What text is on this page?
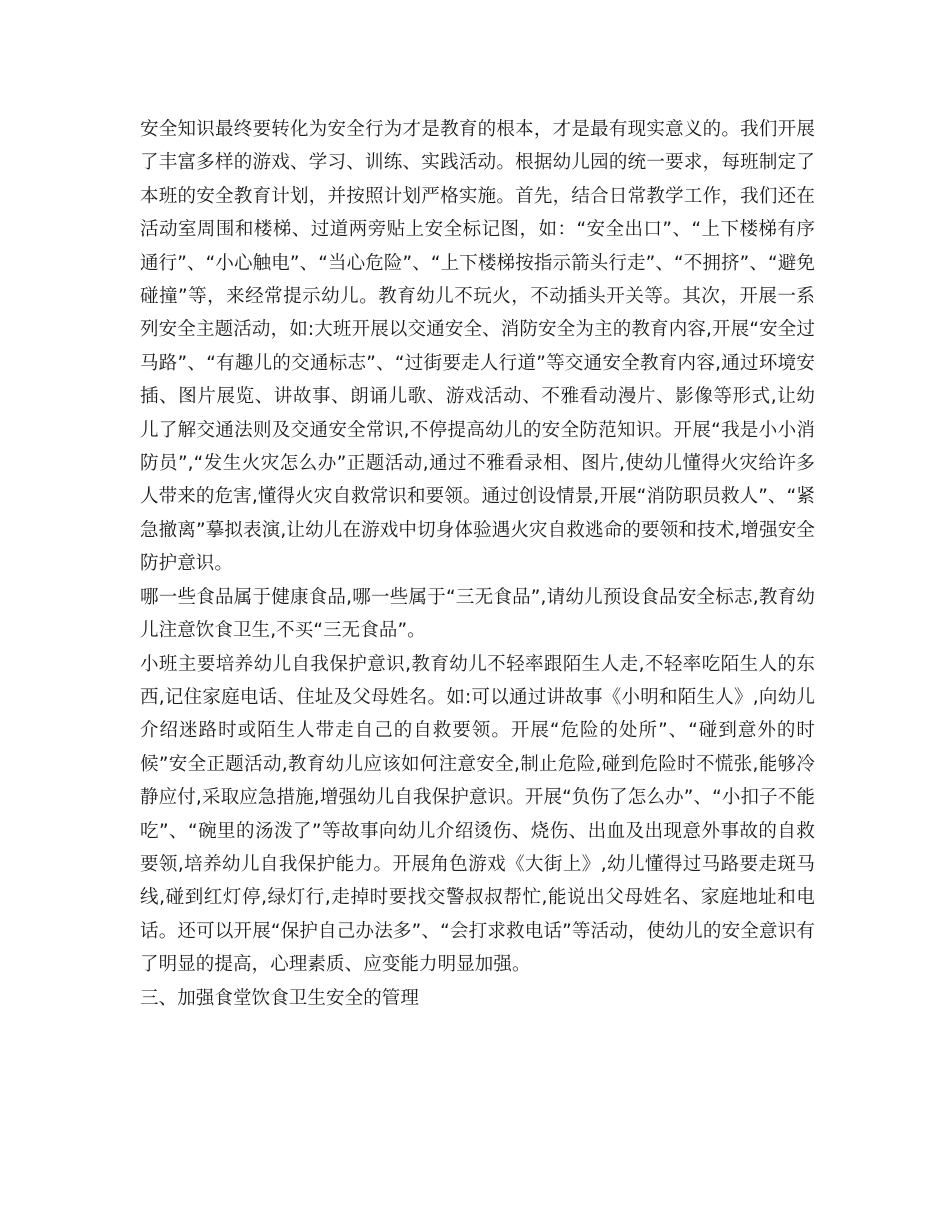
安全知识最终要转化为安全行为才是教育的根本，才是最有现实意义的。我们开展了丰富多样的游戏、学习、训练、实践活动。根据幼儿园的统一要求，每班制定了本班的安全教育计划，并按照计划严格实施。首先，结合日常教学工作，我们还在活动室周围和楼梯、过道两旁贴上安全标记图，如：“安全出口”、“上下楼梯有序通行”、“小心触电”、“当心危险”、“上下楼梯按指示箭头行走”、“不拥挤”、“避免碰撞”等，来经常提示幼儿。教育幼儿不玩火，不动插头开关等。其次，开展一系列安全主题活动，如:大班开展以交通安全、消防安全为主的教育内容,开展“安全过马路”、“有趣儿的交通标志”、“过街要走人行道”等交通安全教育内容,通过环境安插、图片展览、讲故事、朗诵儿歌、游戏活动、不雅看动漫片、影像等形式,让幼儿了解交通法则及交通安全常识,不停提高幼儿的安全防范知识。开展“我是小小消防员”,“发生火灾怎么办”正题活动,通过不雅看录相、图片,使幼儿懂得火灾给许多人带来的危害,懂得火灾自救常识和要领。通过创设情景,开展“消防职员救人”、“紧急撤离”摹拟表演,让幼儿在游戏中切身体验遇火灾自救逃命的要领和技术,增强安全防护意识。

哪一些食品属于健康食品,哪一些属于“三无食品”,请幼儿预设食品安全标志,教育幼儿注意饮食卫生,不买“三无食品”。

小班主要培养幼儿自我保护意识,教育幼儿不轻率跟陌生人走,不轻率吃陌生人的东西,记住家庭电话、住址及父母姓名。如:可以通过讲故事《小明和陌生人》,向幼儿介绍迷路时或陌生人带走自己的自救要领。开展“危险的处所”、“碰到意外的时候”安全正题活动,教育幼儿应该如何注意安全,制止危险,碰到危险时不慌张,能够冷静应付,采取应急措施,增强幼儿自我保护意识。开展“负伤了怎么办”、“小扣子不能吃”、“碗里的汤泼了”等故事向幼儿介绍烫伤、烧伤、出血及出现意外事故的自救要领,培养幼儿自我保护能力。开展角色游戏《大街上》,幼儿懂得过马路要走斑马线,碰到红灯停,绿灯行,走掉时要找交警叔叔帮忙,能说出父母姓名、家庭地址和电话。还可以开展“保护自己办法多”、“会打求救电话”等活动，使幼儿的安全意识有了明显的提高，心理素质、应变能力明显加强。

三、加强食堂饮食卫生安全的管理
